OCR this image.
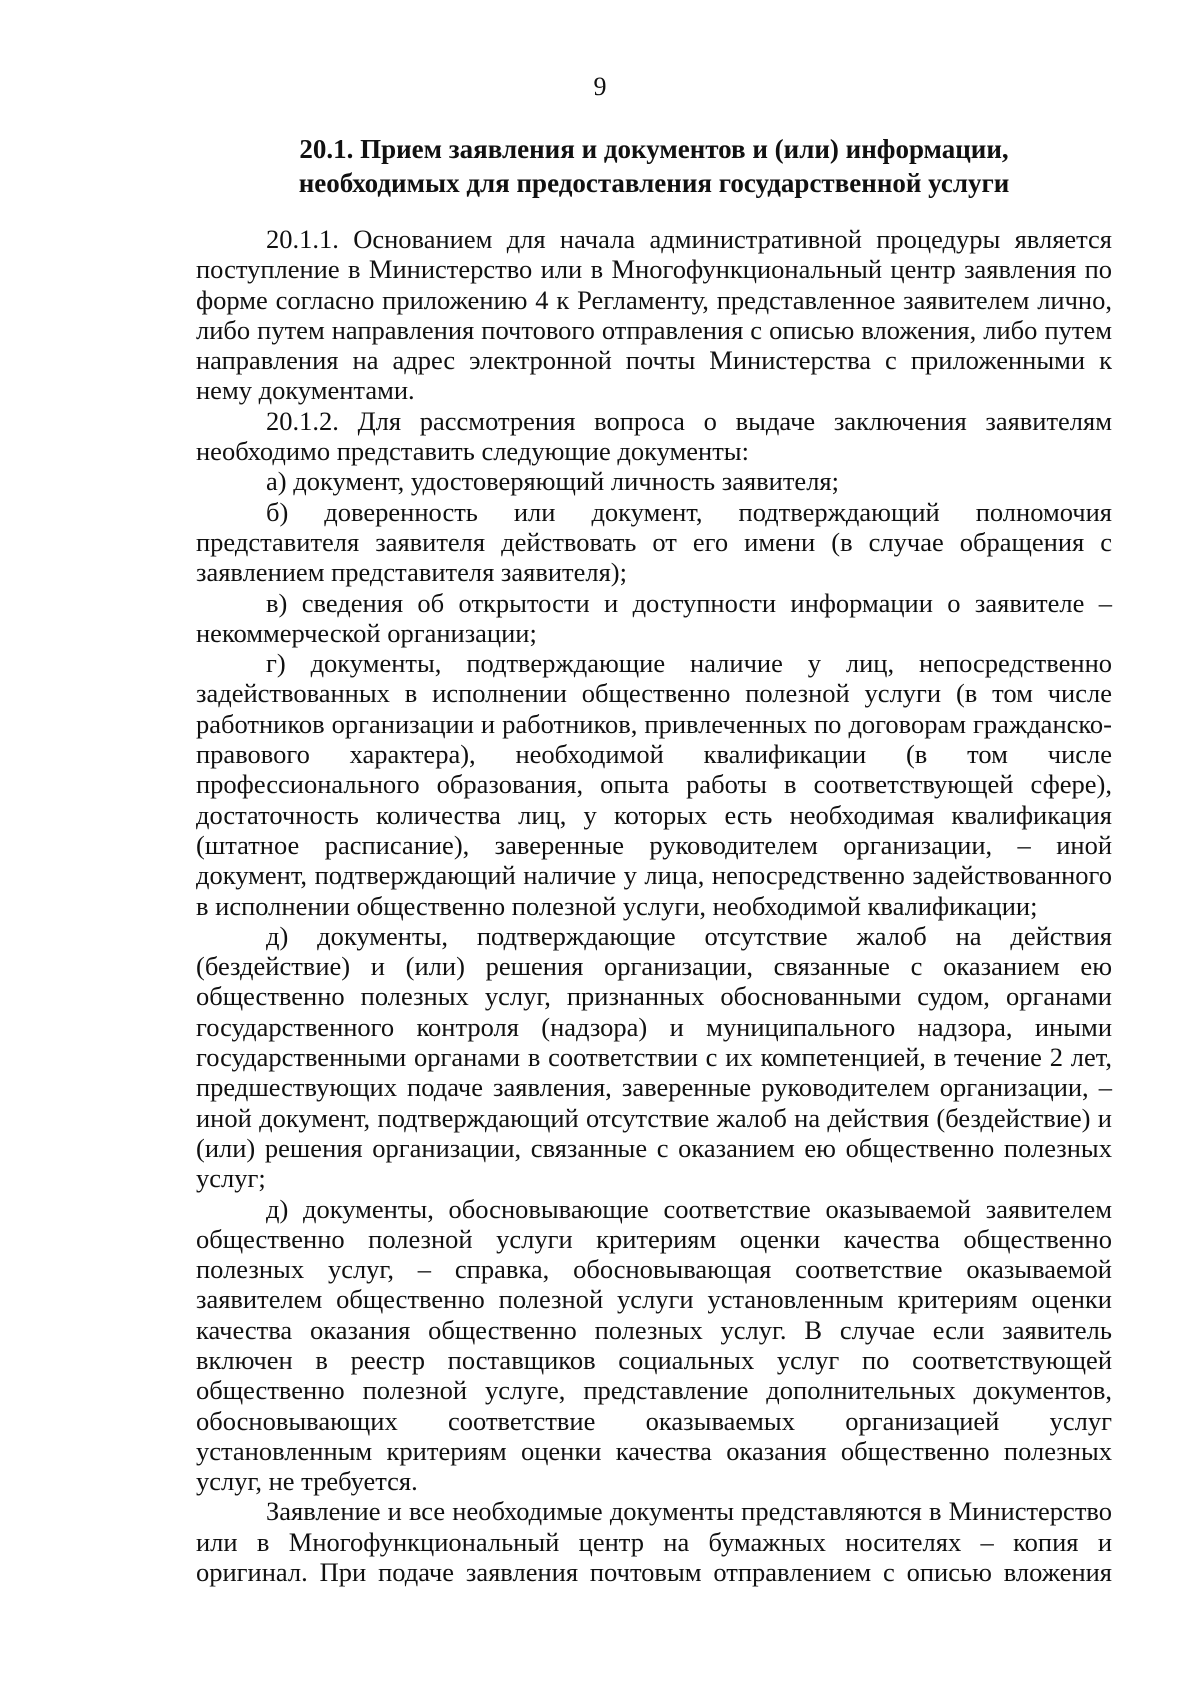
9
20.1. Прием заявления и документов и (или) информации,
необходимых для предоставления государственной услуги

20.1.1. Основанием для начала административной процедуры является поступление в Министерство или в Многофункциональный центр заявления по форме согласно приложению 4 к Регламенту, представленное заявителем лично, либо путем направления почтового отправления с описью вложения, либо путем направления на адрес электронной почты Министерства с приложенными к нему документами.

20.1.2. Для рассмотрения вопроса о выдаче заключения заявителям необходимо представить следующие документы:

а) документ, удостоверяющий личность заявителя;

б) доверенность или документ, подтверждающий полномочия представителя заявителя действовать от его имени (в случае обращения с заявлением представителя заявителя);

в) сведения об открытости и доступности информации о заявителе – некоммерческой организации;

г) документы, подтверждающие наличие у лиц, непосредственно задействованных в исполнении общественно полезной услуги (в том числе работников организации и работников, привлеченных по договорам гражданско-правового характера), необходимой квалификации (в том числе профессионального образования, опыта работы в соответствующей сфере), достаточность количества лиц, у которых есть необходимая квалификация (штатное расписание), заверенные руководителем организации, – иной документ, подтверждающий наличие у лица, непосредственно задействованного в исполнении общественно полезной услуги, необходимой квалификации;

д) документы, подтверждающие отсутствие жалоб на действия (бездействие) и (или) решения организации, связанные с оказанием ею общественно полезных услуг, признанных обоснованными судом, органами государственного контроля (надзора) и муниципального надзора, иными государственными органами в соответствии с их компетенцией, в течение 2 лет, предшествующих подаче заявления, заверенные руководителем организации, – иной документ, подтверждающий отсутствие жалоб на действия (бездействие) и (или) решения организации, связанные с оказанием ею общественно полезных услуг;

д) документы, обосновывающие соответствие оказываемой заявителем общественно полезной услуги критериям оценки качества общественно полезных услуг, – справка, обосновывающая соответствие оказываемой заявителем общественно полезной услуги установленным критериям оценки качества оказания общественно полезных услуг. В случае если заявитель включен в реестр поставщиков социальных услуг по соответствующей общественно полезной услуге, представление дополнительных документов, обосновывающих соответствие оказываемых организацией услуг установленным критериям оценки качества оказания общественно полезных услуг, не требуется.

Заявление и все необходимые документы представляются в Министерство или в Многофункциональный центр на бумажных носителях – копия и оригинал. При подаче заявления почтовым отправлением с описью вложения
